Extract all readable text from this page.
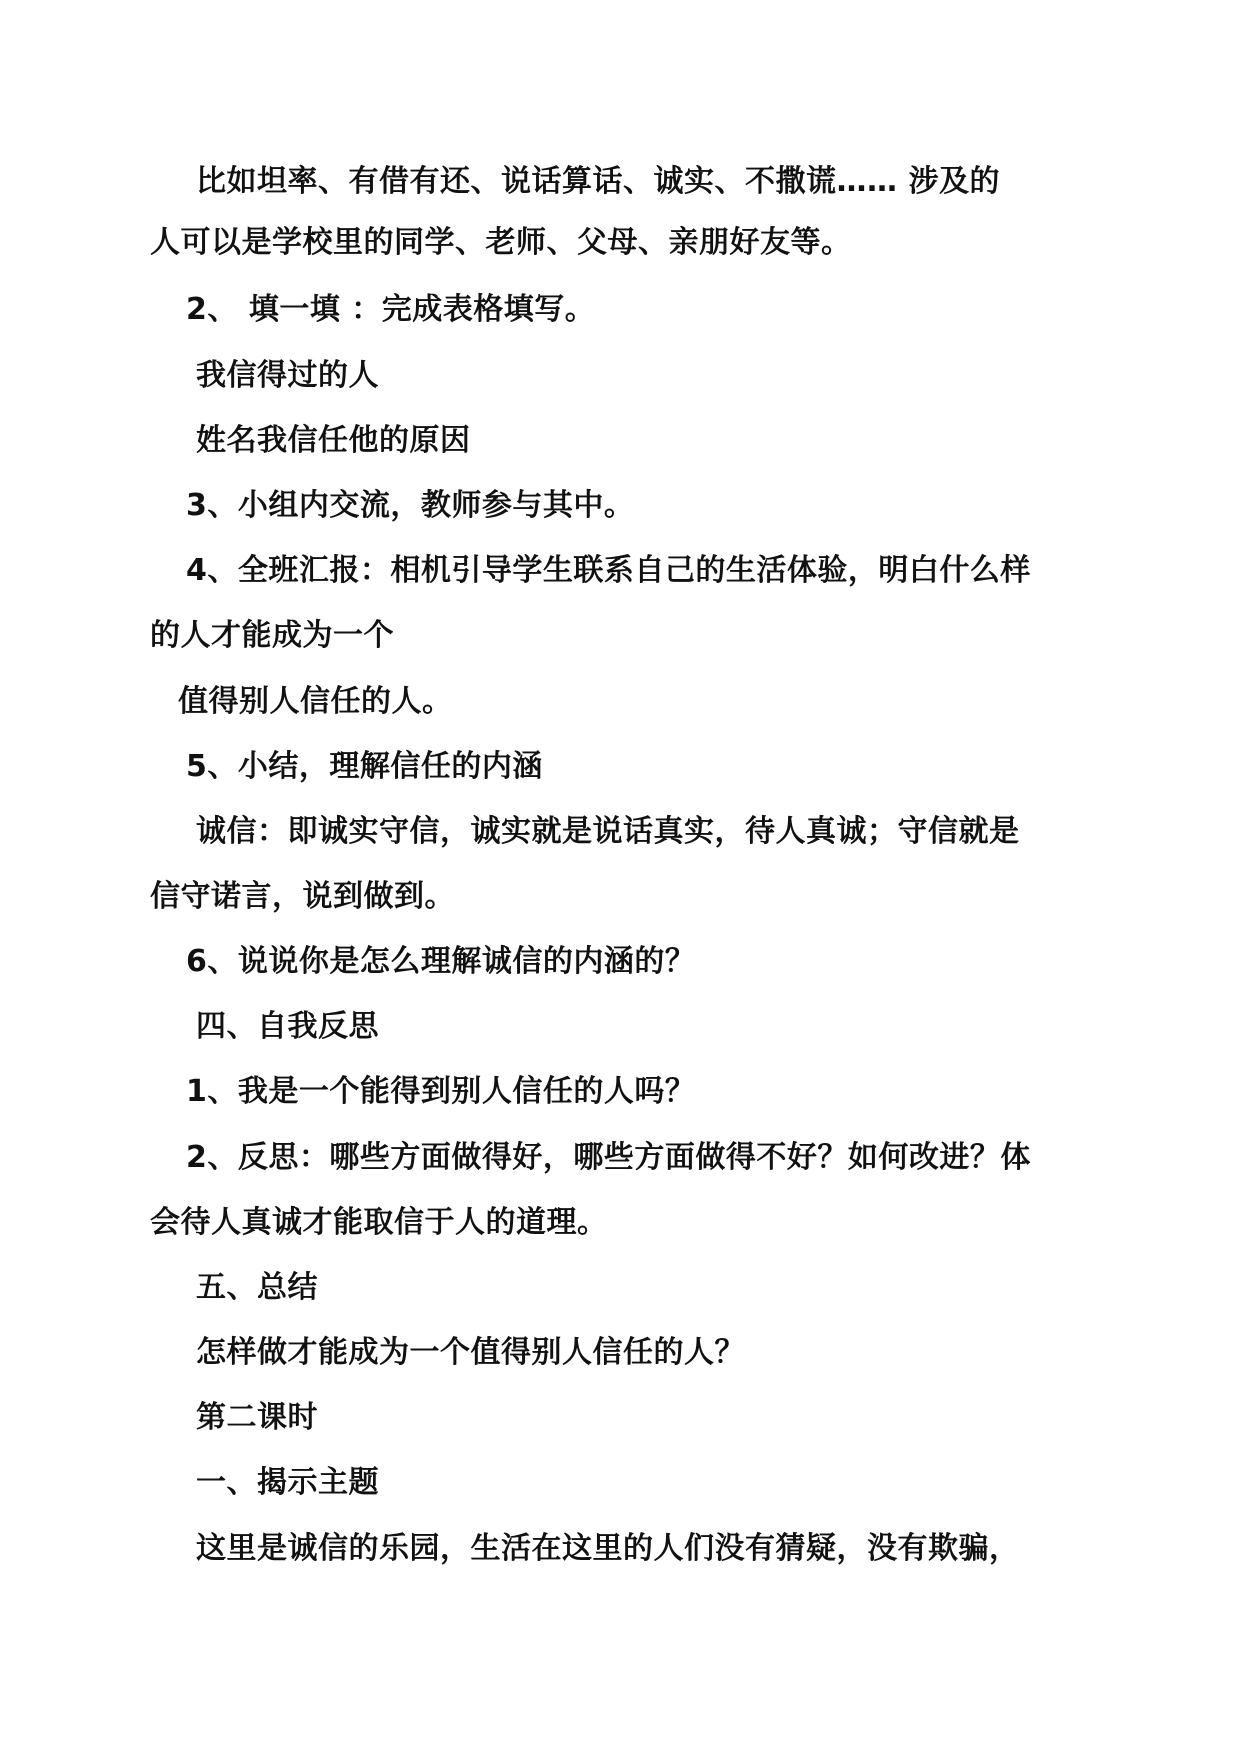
比如坦率、有借有还、说话算话、诚实、不撒谎…… 涉及的
人可以是学校里的同学、老师、父母、亲朋好友等。
2、 填一填 ：完成表格填写。
我信得过的人
姓名我信任他的原因
3、小组内交流，教师参与其中。
4、全班汇报：相机引导学生联系自己的生活体验，明白什么样
的人才能成为一个
值得别人信任的人。
5、小结，理解信任的内涵
诚信：即诚实守信，诚实就是说话真实，待人真诚；守信就是
信守诺言，说到做到。
6、说说你是怎么理解诚信的内涵的？
四、自我反思
1、我是一个能得到别人信任的人吗？
2、反思：哪些方面做得好，哪些方面做得不好？如何改进？体
会待人真诚才能取信于人的道理。
五、总结
怎样做才能成为一个值得别人信任的人？
第二课时
一、揭示主题
这里是诚信的乐园，生活在这里的人们没有猜疑，没有欺骗，
